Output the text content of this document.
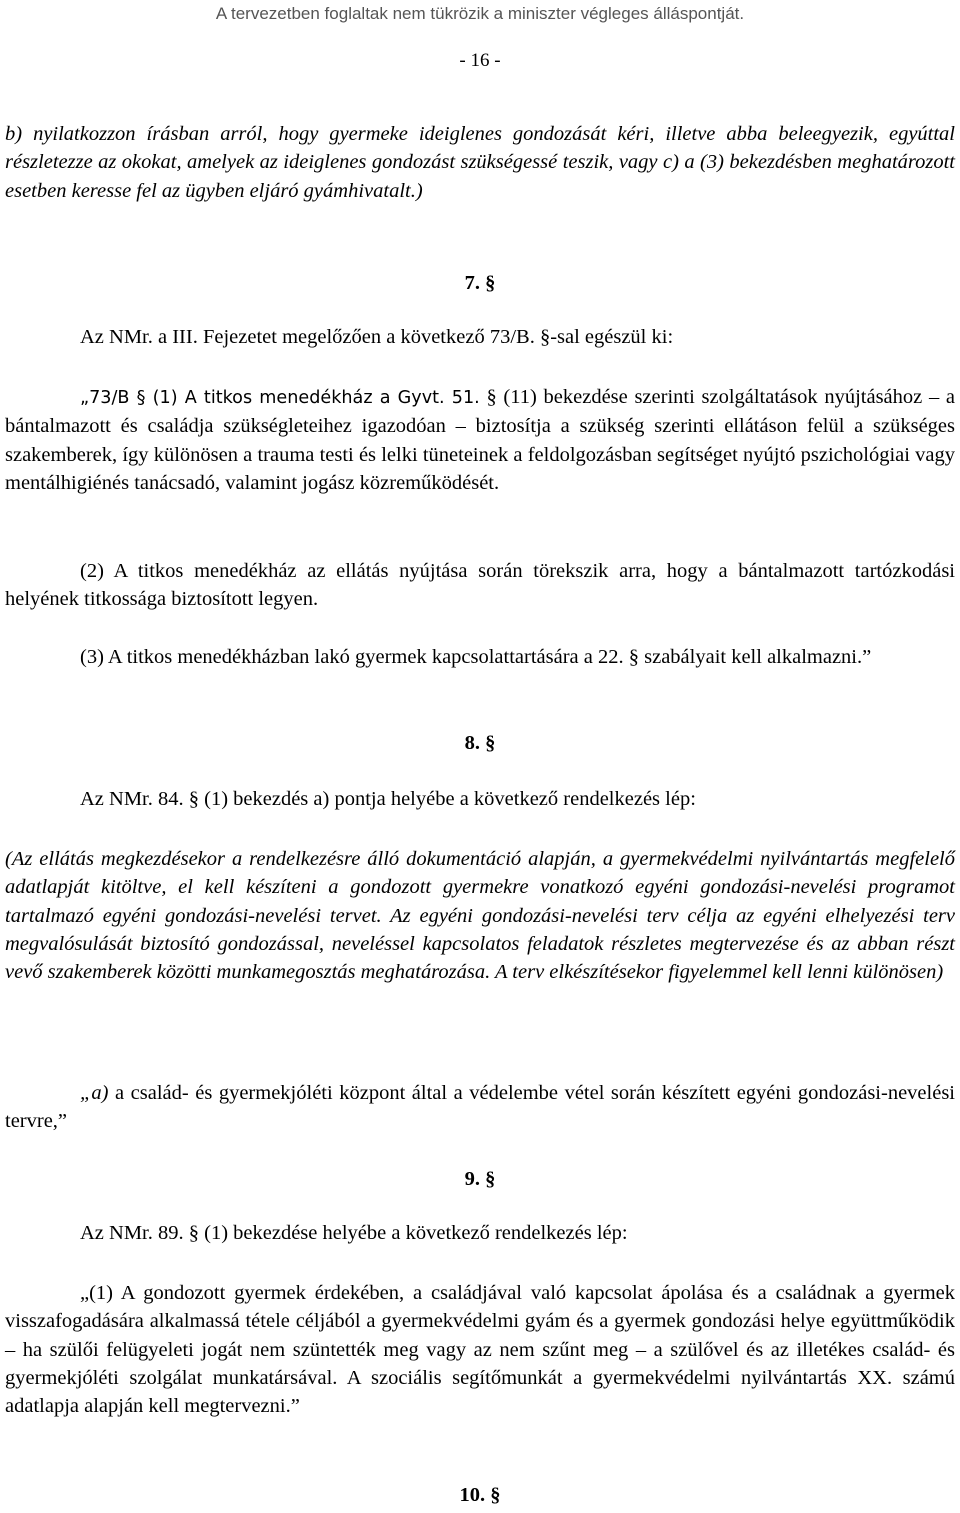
A tervezetben foglaltak nem tükrözik a miniszter végleges álláspontját.
- 16 -

b) nyilatkozzon írásban arról, hogy gyermeke ideiglenes gondozását kéri, illetve abba beleegyezik, egyúttal részletezze az okokat, amelyek az ideiglenes gondozást szükségessé teszik, vagy c) a (3) bekezdésben meghatározott esetben keresse fel az ügyben eljáró gyámhivatalt.)

7. §
Az NMr. a III. Fejezetet megelőzően a következő 73/B. §-sal egészül ki:

„73/B § (1) A titkos menedékház a Gyvt. 51. § (11) bekezdése szerinti szolgáltatások nyújtásához – a bántalmazott és családja szükségleteihez igazodóan – biztosítja a szükség szerinti ellátáson felül a szükséges szakemberek, így különösen a trauma testi és lelki tüneteinek a feldolgozásban segítséget nyújtó pszichológiai vagy mentálhigiénés tanácsadó, valamint jogász közreműködését.

(2) A titkos menedékház az ellátás nyújtása során törekszik arra, hogy a bántalmazott tartózkodási helyének titkossága biztosított legyen.

(3) A titkos menedékházban lakó gyermek kapcsolattartására a 22. § szabályait kell alkalmazni.”

8. §
Az NMr. 84. § (1) bekezdés a) pontja helyébe a következő rendelkezés lép:

(Az ellátás megkezdésekor a rendelkezésre álló dokumentáció alapján, a gyermekvédelmi nyilvántartás megfelelő adatlapját kitöltve, el kell készíteni a gondozott gyermekre vonatkozó egyéni gondozási-nevelési programot tartalmazó egyéni gondozási-nevelési tervet. Az egyéni gondozási-nevelési terv célja az egyéni elhelyezési terv megvalósulását biztosító gondozással, neveléssel kapcsolatos feladatok részletes megtervezése és az abban részt vevő szakemberek közötti munkamegosztás meghatározása. A terv elkészítésekor figyelemmel kell lenni különösen)

„a) a család- és gyermekjóléti központ által a védelembe vétel során készített egyéni gondozási-nevelési tervre,”

9. §
Az NMr. 89. § (1) bekezdése helyébe a következő rendelkezés lép:

„(1) A gondozott gyermek érdekében, a családjával való kapcsolat ápolása és a családnak a gyermek visszafogadására alkalmassá tétele céljából a gyermekvédelmi gyám és a gyermek gondozási helye együttműködik – ha szülői felügyeleti jogát nem szüntették meg vagy az nem szűnt meg – a szülővel és az illetékes család- és gyermekjóléti szolgálat munkatársával. A szociális segítőmunkát a gyermekvédelmi nyilvántartás XX. számú adatlapja alapján kell megtervezni.”

10. §
